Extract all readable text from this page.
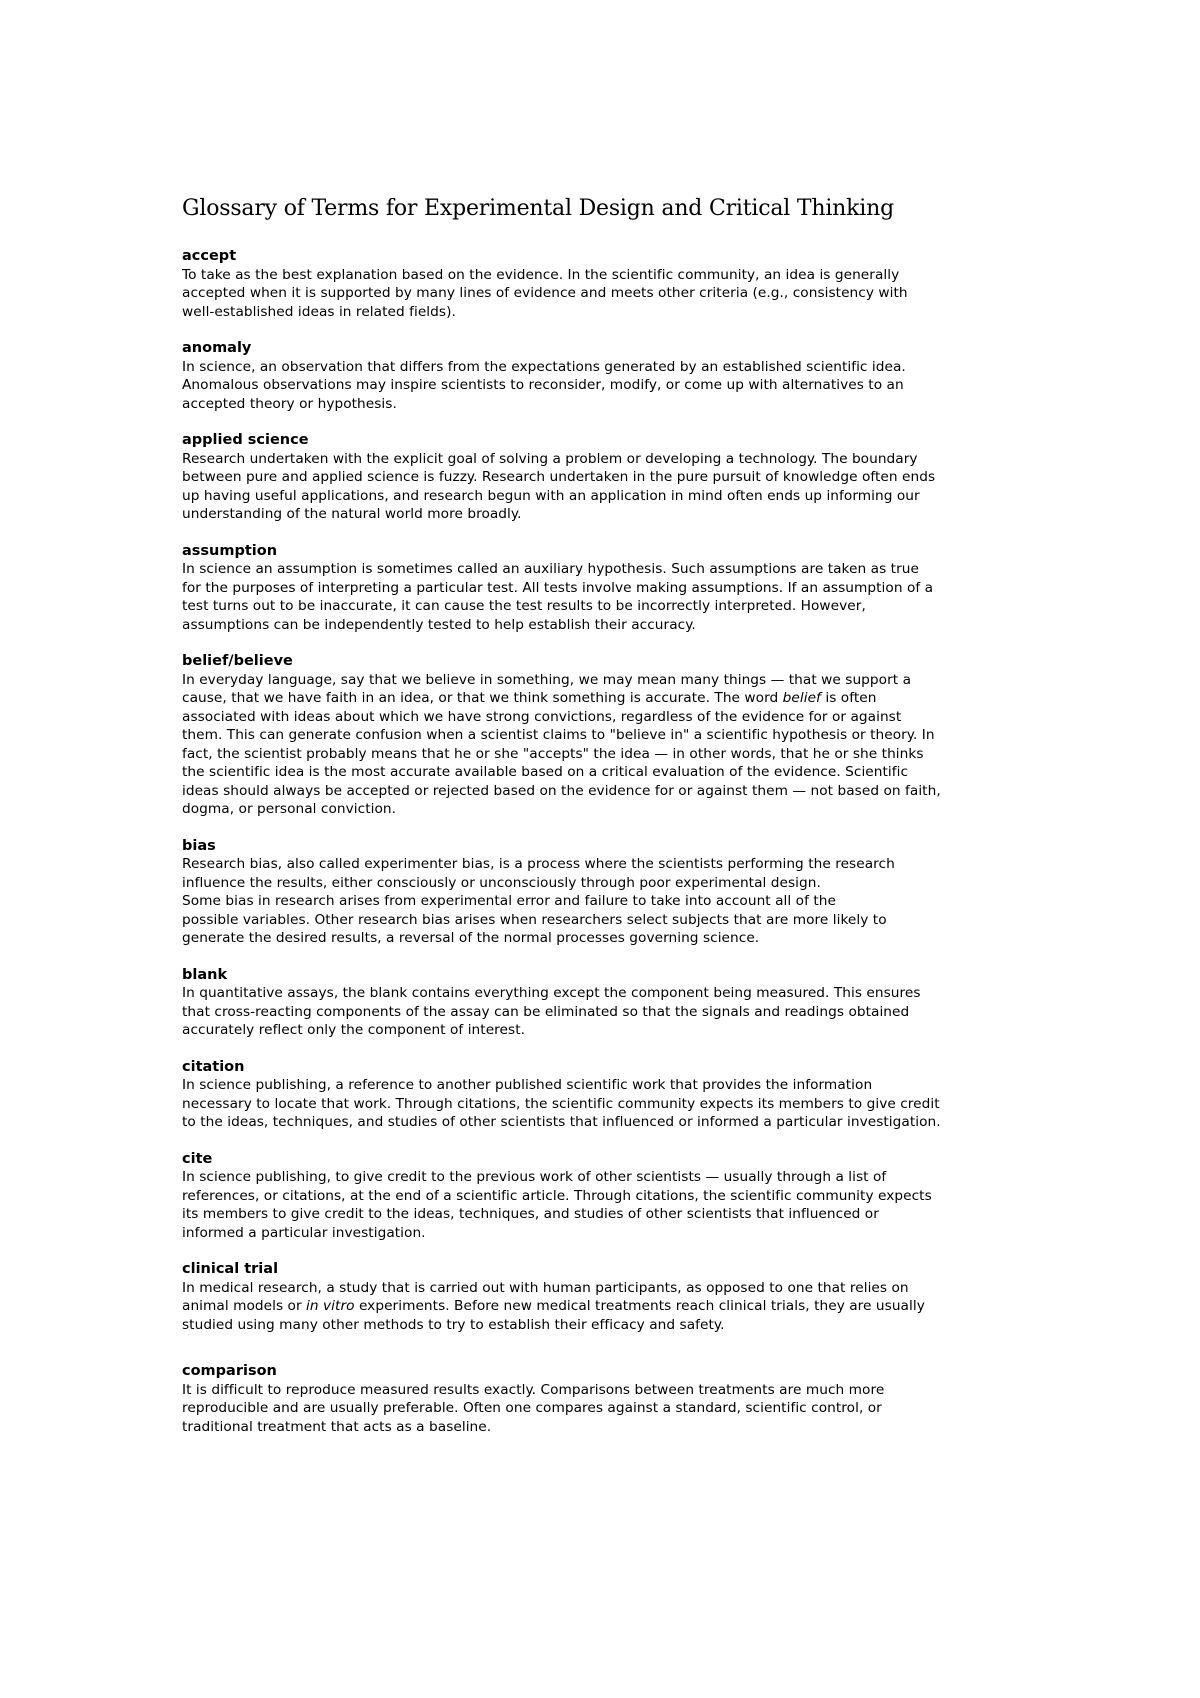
Glossary of Terms for Experimental Design and Critical Thinking

accept

To take as the best explanation based on the evidence. In the scientific community, an idea is generally
accepted when it is supported by many lines of evidence and meets other criteria (e.g., consistency with
well-established ideas in related fields).

anomaly

In science, an observation that differs from the expectations generated by an established scientific idea.
Anomalous observations may inspire scientists to reconsider, modify, or come up with alternatives to an
accepted theory or hypothesis.

applied science

Research undertaken with the explicit goal of solving a problem or developing a technology. The boundary
between pure and applied science is fuzzy. Research undertaken in the pure pursuit of knowledge often ends
up having useful applications, and research begun with an application in mind often ends up informing our
understanding of the natural world more broadly.

assumption

In science an assumption is sometimes called an auxiliary hypothesis. Such assumptions are taken as true
for the purposes of interpreting a particular test. All tests involve making assumptions. If an assumption of a
test turns out to be inaccurate, it can cause the test results to be incorrectly interpreted. However,
assumptions can be independently tested to help establish their accuracy.

belief/believe

In everyday language, say that we believe in something, we may mean many things — that we support a
cause, that we have faith in an idea, or that we think something is accurate. The word belief is often
associated with ideas about which we have strong convictions, regardless of the evidence for or against
them. This can generate confusion when a scientist claims to "believe in" a scientific hypothesis or theory. In
fact, the scientist probably means that he or she "accepts" the idea — in other words, that he or she thinks
the scientific idea is the most accurate available based on a critical evaluation of the evidence. Scientific
ideas should always be accepted or rejected based on the evidence for or against them — not based on faith,
dogma, or personal conviction.

bias

Research bias, also called experimenter bias, is a process where the scientists performing the research
influence the results, either consciously or unconsciously through poor experimental design.
Some bias in research arises from experimental error and failure to take into account all of the
possible variables. Other research bias arises when researchers select subjects that are more likely to
generate the desired results, a reversal of the normal processes governing science.

blank

In quantitative assays, the blank contains everything except the component being measured. This ensures
that cross-reacting components of the assay can be eliminated so that the signals and readings obtained
accurately reflect only the component of interest.

citation

In science publishing, a reference to another published scientific work that provides the information
necessary to locate that work. Through citations, the scientific community expects its members to give credit
to the ideas, techniques, and studies of other scientists that influenced or informed a particular investigation.

cite

In science publishing, to give credit to the previous work of other scientists — usually through a list of
references, or citations, at the end of a scientific article. Through citations, the scientific community expects
its members to give credit to the ideas, techniques, and studies of other scientists that influenced or
informed a particular investigation.

clinical trial

In medical research, a study that is carried out with human participants, as opposed to one that relies on
animal models or in vitro experiments. Before new medical treatments reach clinical trials, they are usually
studied using many other methods to try to establish their efficacy and safety.

comparison

It is difficult to reproduce measured results exactly. Comparisons between treatments are much more
reproducible and are usually preferable. Often one compares against a standard, scientific control, or
traditional treatment that acts as a baseline.
